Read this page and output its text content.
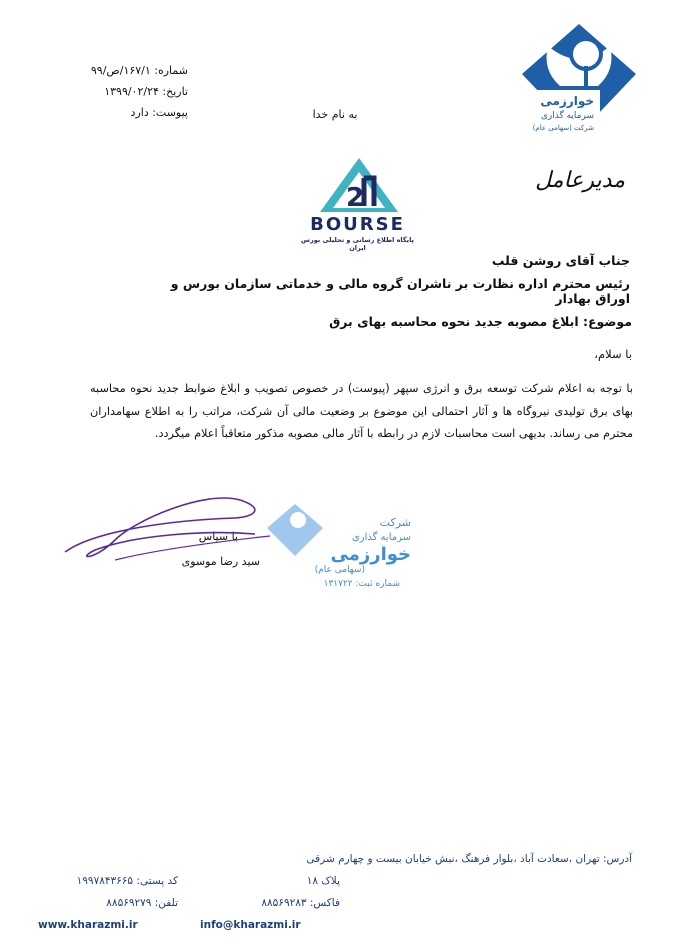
شماره: ۱۶۷/۱/ص/۹۹
تاریخ: ۱۳۹۹/۰۲/۲۴
پیوست: دارد	به نام خدا
خوارزمی
سرمایه گذاری
شرکت (سهامی عام)
مدیرعامل
2
BOURSE
پایگاه اطلاع رسانی و تحلیلی بورس ایران
جناب آقای روشن قلب
رئیس محترم اداره نظارت بر ناشران گروه مالی و خدماتی سازمان بورس و اوراق بهادار
موضوع: ابلاغ مصوبه جدید نحوه محاسبه بهای برق
با سلام،
با توجه به اعلام شرکت توسعه برق و انرژی سپهر (پیوست) در خصوص تصویب و ابلاغ ضوابط جدید نحوه محاسبه بهای برق تولیدی نیروگاه ها و آثار احتمالی این موضوع بر وضعیت مالی آن شرکت، مراتب را به اطلاع سهامداران محترم می رساند. بدیهی است محاسبات لازم در رابطه با آثار مالی مصوبه مذکور متعاقباً اعلام میگردد.
شرکت
سرمایه گذاری
خوارزمی
(سهامی عام)
شماره ثبت: ۱۳۱۷۲۲
با سپاس
سید رضا موسوی
آدرس: تهران ،سعادت آباد ،بلوار فرهنگ ،نبش خیابان بیست و چهارم شرقی
پلاک ۱۸
کد پستی: ۱۹۹۷۸۴۳۶۶۵
فاکس: ۸۸۵۶۹۲۸۳
تلفن: ۸۸۵۶۹۲۷۹
info@kharazmi.ir
www.kharazmi.ir
